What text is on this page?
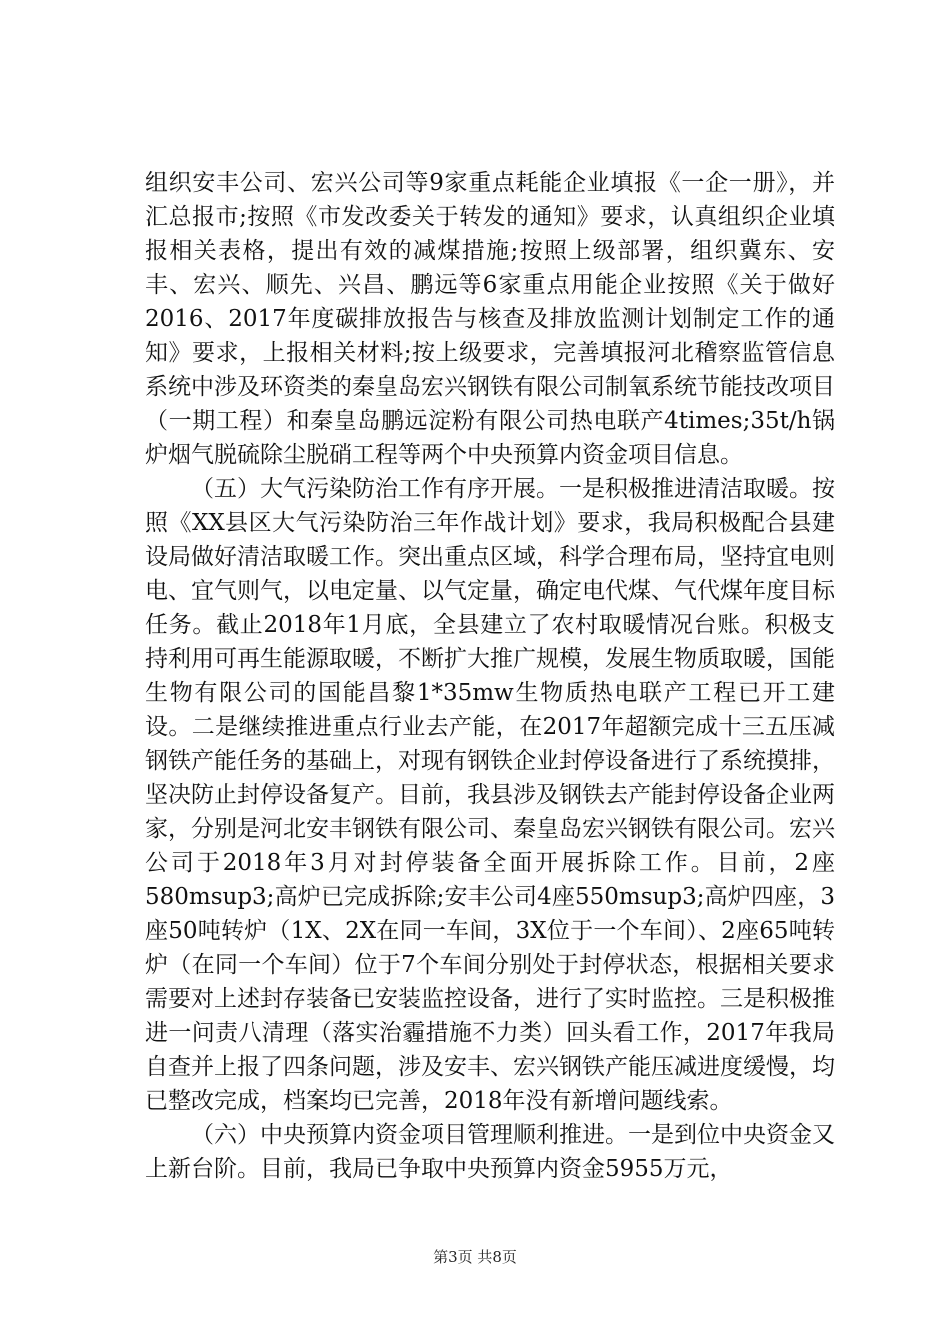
组织安丰公司、宏兴公司等9家重点耗能企业填报《一企一册》，并汇总报市;按照《市发改委关于转发的通知》要求，认真组织企业填报相关表格，提出有效的减煤措施;按照上级部署，组织冀东、安丰、宏兴、顺先、兴昌、鹏远等6家重点用能企业按照《关于做好2016、2017年度碳排放报告与核查及排放监测计划制定工作的通知》要求，上报相关材料;按上级要求，完善填报河北稽察监管信息系统中涉及环资类的秦皇岛宏兴钢铁有限公司制氧系统节能技改项目（一期工程）和秦皇岛鹏远淀粉有限公司热电联产4times;35t/h锅炉烟气脱硫除尘脱硝工程等两个中央预算内资金项目信息。

（五）大气污染防治工作有序开展。一是积极推进清洁取暖。按照《XX县区大气污染防治三年作战计划》要求，我局积极配合县建设局做好清洁取暖工作。突出重点区域，科学合理布局，坚持宜电则电、宜气则气，以电定量、以气定量，确定电代煤、气代煤年度目标任务。截止2018年1月底，全县建立了农村取暖情况台账。积极支持利用可再生能源取暖，不断扩大推广规模，发展生物质取暖，国能生物有限公司的国能昌黎1*35mw生物质热电联产工程已开工建设。二是继续推进重点行业去产能，在2017年超额完成十三五压减钢铁产能任务的基础上，对现有钢铁企业封停设备进行了系统摸排，坚决防止封停设备复产。目前，我县涉及钢铁去产能封停设备企业两家，分别是河北安丰钢铁有限公司、秦皇岛宏兴钢铁有限公司。宏兴公司于2018年3月对封停装备全面开展拆除工作。目前，2座580msup3;高炉已完成拆除;安丰公司4座550msup3;高炉四座，3座50吨转炉（1X、2X在同一车间，3X位于一个车间）、2座65吨转炉（在同一个车间）位于7个车间分别处于封停状态，根据相关要求需要对上述封存装备已安装监控设备，进行了实时监控。三是积极推进一问责八清理（落实治霾措施不力类）回头看工作，2017年我局自查并上报了四条问题，涉及安丰、宏兴钢铁产能压减进度缓慢，均已整改完成，档案均已完善，2018年没有新增问题线索。

（六）中央预算内资金项目管理顺利推进。一是到位中央资金又上新台阶。目前，我局已争取中央预算内资金5955万元，

第3页 共8页
